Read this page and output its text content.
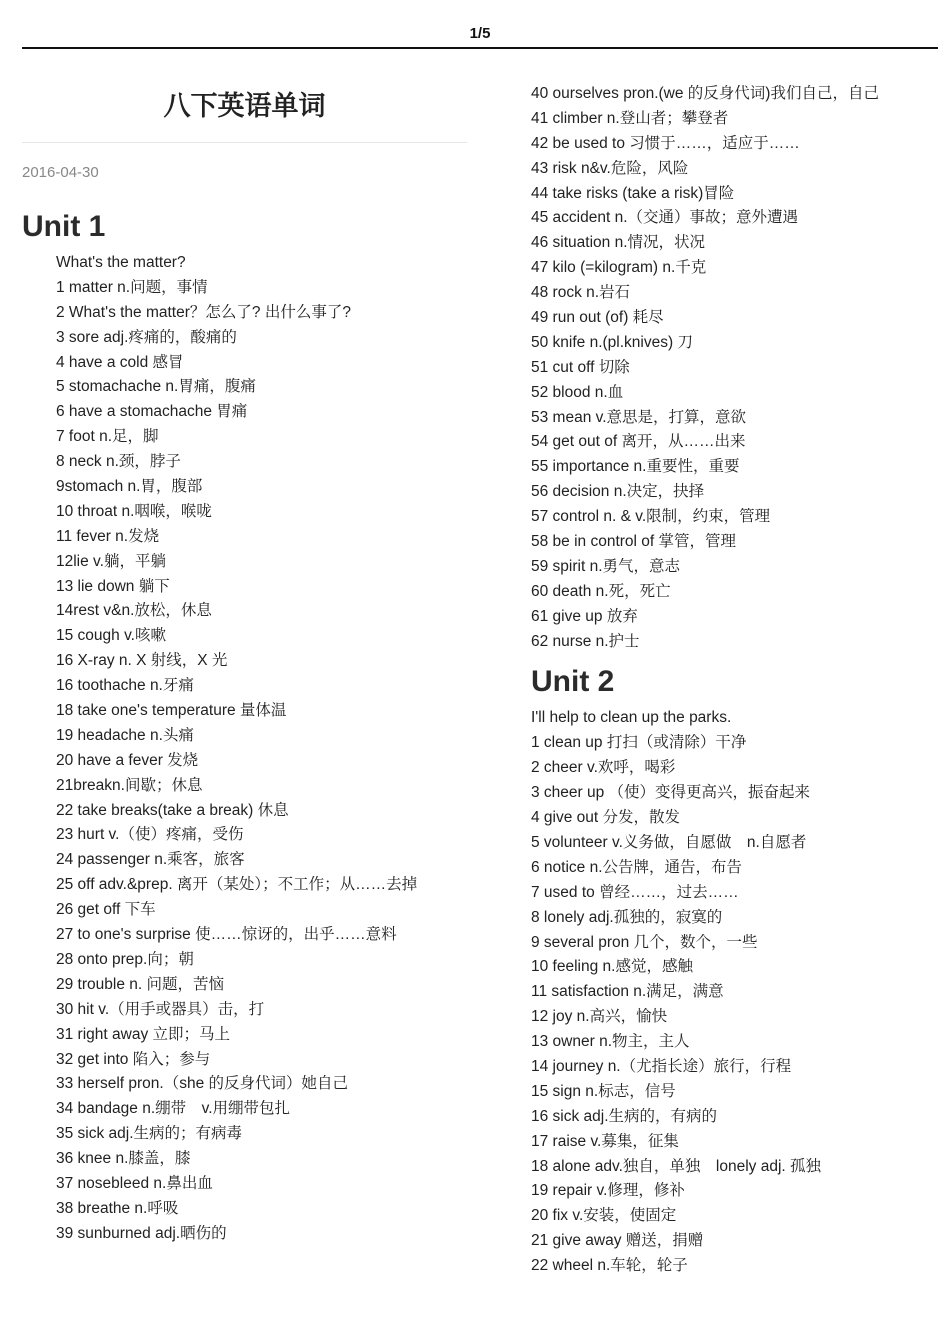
1/5
八下英语单词
2016-04-30
Unit 1
What's the matter?
1 matter n.问题，事情
2 What's the matter？怎么了? 出什么事了?
3 sore adj.疼痛的，酸痛的
4 have a cold 感冒
5 stomachache n.胃痛，腹痛
6 have a stomachache 胃痛
7 foot n.足，脚
8 neck n.颈，脖子
9stomach n.胃，腹部
10 throat n.咽喉，喉咙
11 fever n.发烧
12lie v.躺，平躺
13 lie down 躺下
14rest v&n.放松，休息
15 cough v.咳嗽
16 X-ray n. X 射线，X 光
16 toothache n.牙痛
18 take one's temperature 量体温
19 headache n.头痛
20 have a fever 发烧
21breakn.间歇；休息
22 take breaks(take a break) 休息
23 hurt v.（使）疼痛，受伤
24 passenger n.乘客，旅客
25 off adv.&prep. 离开（某处）；不工作；从……去掉
26 get off 下车
27 to one's surprise 使……惊讶的，出乎……意料
28 onto prep.向；朝
29 trouble n. 问题，苦恼
30 hit v.（用手或器具）击，打
31 right away 立即；马上
32 get into 陷入；参与
33 herself pron.（she 的反身代词）她自己
34 bandage n.绷带　v.用绷带包扎
35 sick adj.生病的；有病毒
36 knee n.膝盖，膝
37 nosebleed n.鼻出血
38 breathe n.呼吸
39 sunburned adj.晒伤的
40 ourselves pron.(we 的反身代词)我们自己，自己
41 climber n.登山者；攀登者
42 be used to 习惯于……，适应于……
43 risk n&v.危险，风险
44 take risks (take a risk)冒险
45 accident n.（交通）事故；意外遭遇
46 situation n.情况，状况
47 kilo (=kilogram) n.千克
48 rock n.岩石
49 run out (of) 耗尽
50 knife n.(pl.knives) 刀
51 cut off 切除
52 blood n.血
53 mean v.意思是，打算，意欲
54 get out of 离开，从……出来
55 importance n.重要性，重要
56 decision n.决定，抉择
57 control n. & v.限制，约束，管理
58 be in control of 掌管，管理
59 spirit n.勇气，意志
60 death n.死，死亡
61 give up 放弃
62 nurse n.护士
Unit 2
I'll help to clean up the parks.
1 clean up 打扫（或清除）干净
2 cheer v.欢呼，喝彩
3 cheer up （使）变得更高兴，振奋起来
4 give out 分发，散发
5 volunteer v.义务做，自愿做　n.自愿者
6 notice n.公告牌，通告，布告
7 used to 曾经……，过去……
8 lonely adj.孤独的，寂寞的
9 several pron 几个，数个，一些
10 feeling n.感觉，感触
11 satisfaction n.满足，满意
12 joy n.高兴，愉快
13 owner n.物主，主人
14 journey n.（尤指长途）旅行，行程
15 sign n.标志，信号
16 sick adj.生病的，有病的
17 raise v.募集，征集
18 alone adv.独自，单独　lonely adj. 孤独
19 repair v.修理，修补
20 fix v.安装，使固定
21 give away 赠送，捐赠
22 wheel n.车轮，轮子
